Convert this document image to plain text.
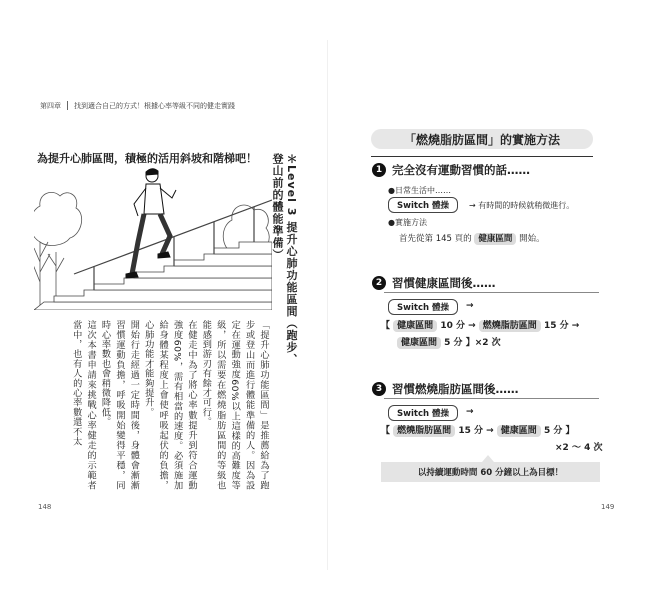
第四章 找到適合自己的方式！根據心率等級不同的健走實踐
為提升心肺區間，積極的活用斜坡和階梯吧！	＊Level 3 提升心肺功能區間（跑步、登山前的體能準備）

「提升心肺功能區間」是推薦給為了跑步或登山而進行體能準備的人。因為設定在運動強度60%以上這樣的高難度等級，所以需要在燃燒脂肪區間的等級也能感到游刃有餘才可行。

在健走中為了將心率數提升到符合運動強度60%，需有相當的速度。必須施加給身體某程度上會使呼吸起伏的負擔，心肺功能才能夠提升。

開始行走經過一定時間後，身體會漸漸習慣運動負擔，呼吸開始變得平穩，同時心率數也會稍微降低。

這次本書申請來挑戰心率健走的示範者當中，也有人的心率數還不太

148
「燃燒脂肪區間」的實施方法
1 完全沒有運動習慣的話……
●日常生活中……
Switch 體操	→ 有時間的時候就稍微進行。
●實施方法
首先從第 145 頁的 健康區間 開始。
2 習慣健康區間後……
Switch 體操	→
【 健康區間 10 分 → 燃燒脂肪區間 15 分 →
健康區間 5 分 】×2 次
3 習慣燃燒脂肪區間後……
Switch 體操	→
【 燃燒脂肪區間 15 分 → 健康區間 5 分 】
×2 ～ 4 次
以持續運動時間 60 分鐘以上為目標！
149
